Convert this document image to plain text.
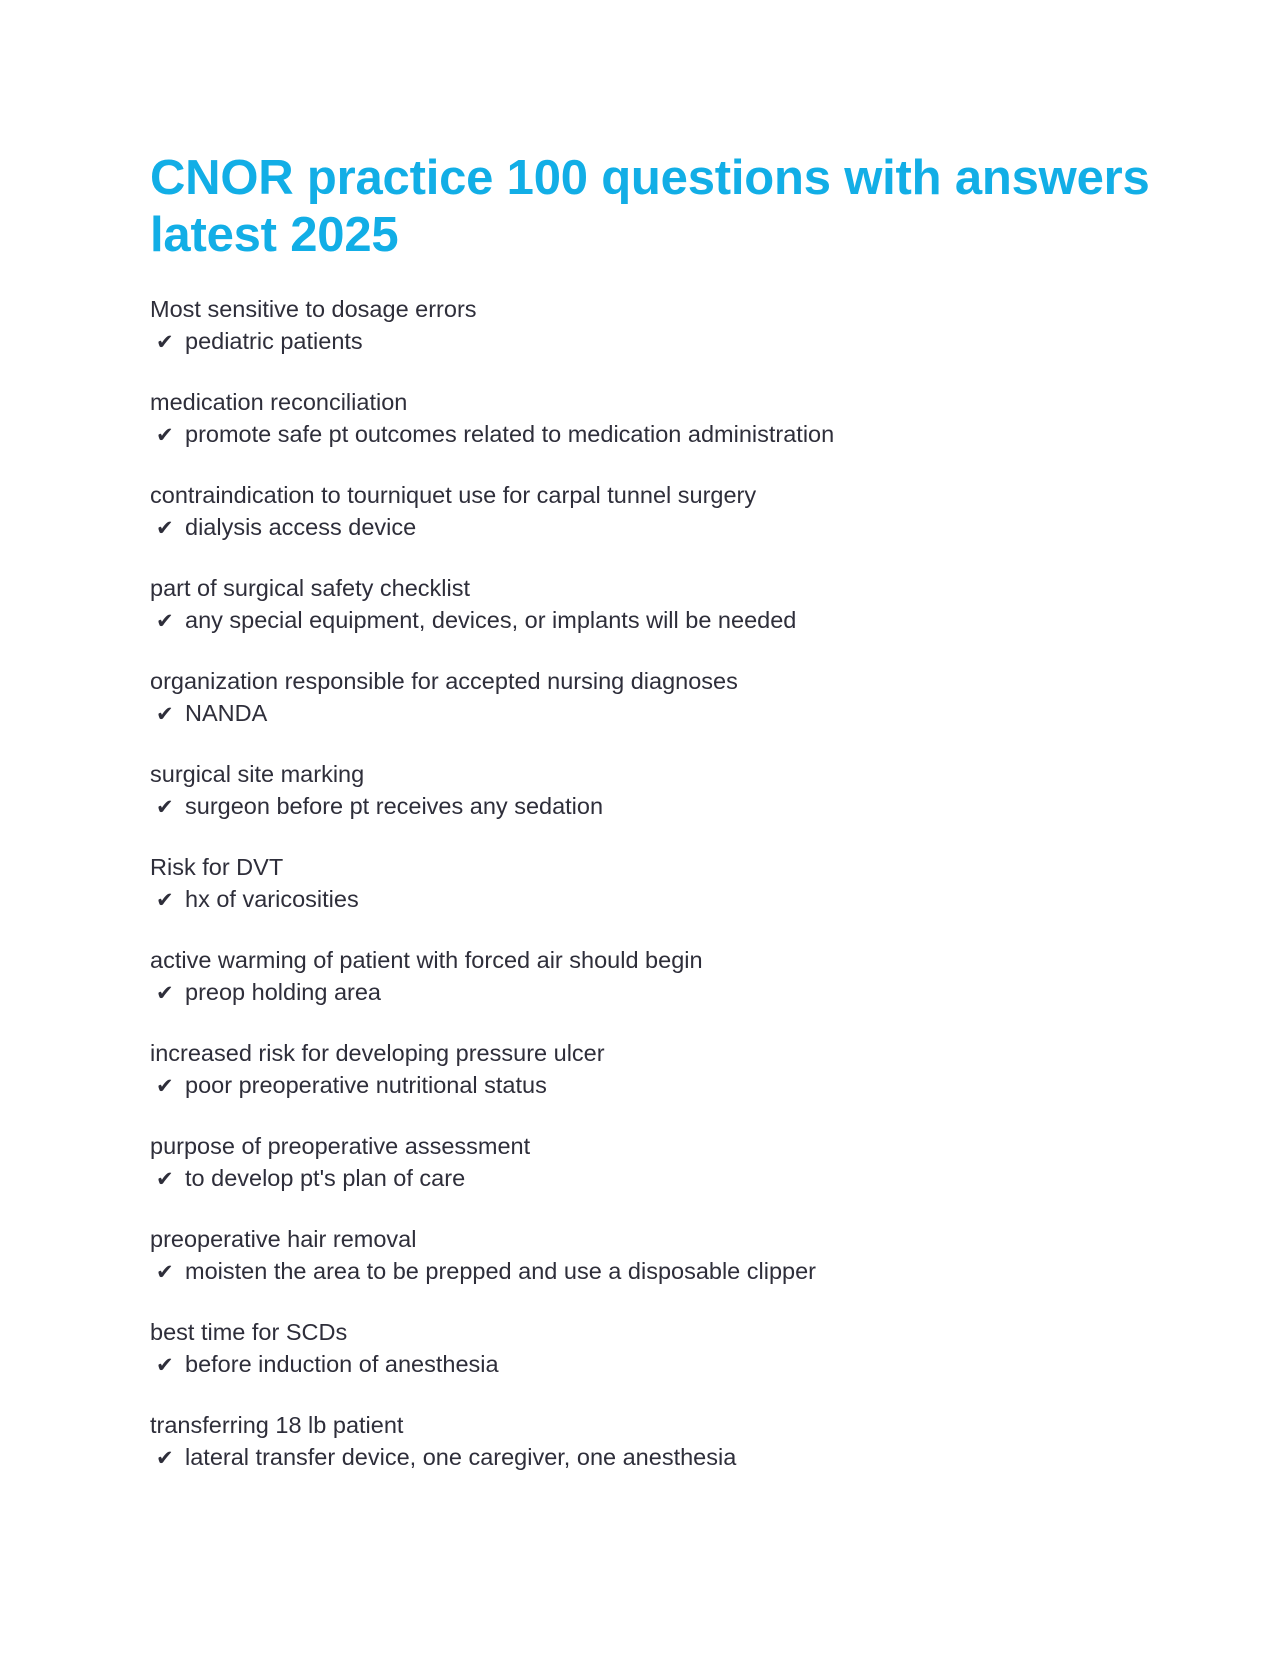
CNOR practice 100 questions with answers latest 2025
Most sensitive to dosage errors
✔ pediatric patients
medication reconciliation
✔ promote safe pt outcomes related to medication administration
contraindication to tourniquet use for carpal tunnel surgery
✔ dialysis access device
part of surgical safety checklist
✔ any special equipment, devices, or implants will be needed
organization responsible for accepted nursing diagnoses
✔ NANDA
surgical site marking
✔ surgeon before pt receives any sedation
Risk for DVT
✔ hx of varicosities
active warming of patient with forced air should begin
✔ preop holding area
increased risk for developing pressure ulcer
✔ poor preoperative nutritional status
purpose of preoperative assessment
✔ to develop pt's plan of care
preoperative hair removal
✔ moisten the area to be prepped and use a disposable clipper
best time for SCDs
✔ before induction of anesthesia
transferring 18 lb patient
✔ lateral transfer device, one caregiver, one anesthesia
